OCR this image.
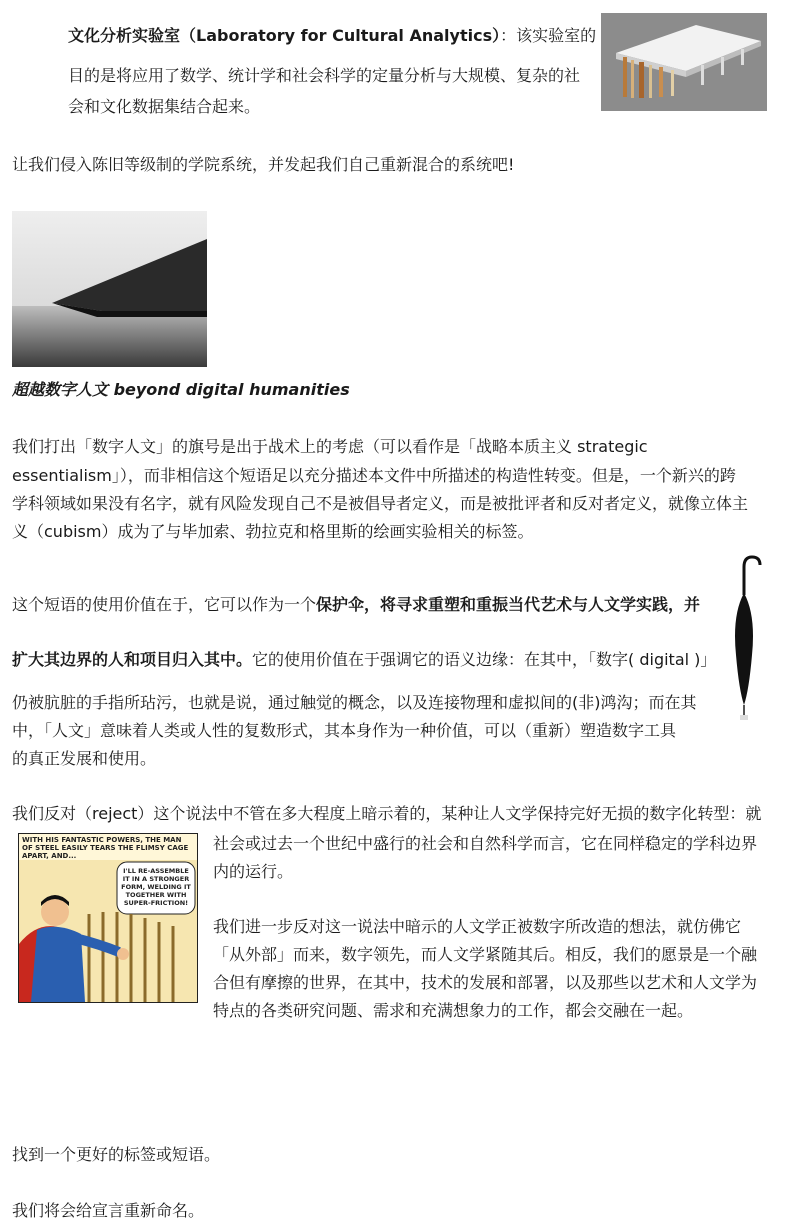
文化分析实验室（Laboratory for Cultural Analytics）：该实验室的
目的是将应用了数学、统计学和社会科学的定量分析与大规模、复杂的社
会和文化数据集结合起来。
让我们侵入陈旧等级制的学院系统，并发起我们自己重新混合的系统吧!
超越数字人文 beyond digital humanities
我们打出「数字人文」的旗号是出于战术上的考虑（可以看作是「战略本质主义 strategic
essentialism」），而非相信这个短语足以充分描述本文件中所描述的构造性转变。但是，一个新兴的跨
学科领域如果没有名字，就有风险发现自己不是被倡导者定义，而是被批评者和反对者定义，就像立体主
义（cubism）成为了与毕加索、勃拉克和格里斯的绘画实验相关的标签。
这个短语的使用价值在于，它可以作为一个保护伞，将寻求重塑和重振当代艺术与人文学实践，并
扩大其边界的人和项目归入其中。它的使用价值在于强调它的语义边缘：在其中，「数字( digital )」
仍被肮脏的手指所玷污，也就是说，通过触觉的概念，以及连接物理和虚拟间的(非)鸿沟；而在其
中，「人文」意味着人类或人性的复数形式，其本身作为一种价值，可以（重新）塑造数字工具
的真正发展和使用。
我们反对（reject）这个说法中不管在多大程度上暗示着的，某种让人文学保持完好无损的数字化转型：就
社会或过去一个世纪中盛行的社会和自然科学而言，它在同样稳定的学科边界
内的运行。
WITH HIS FANTASTIC POWERS, THE MAN OF STEEL EASILY TEARS THE FLIMSY CAGE APART, AND...
I'LL RE-ASSEMBLE IT IN A STRONGER FORM, WELDING IT TOGETHER WITH SUPER-FRICTION!
我们进一步反对这一说法中暗示的人文学正被数字所改造的想法，就仿佛它
「从外部」而来，数字领先，而人文学紧随其后。相反，我们的愿景是一个融
合但有摩擦的世界，在其中，技术的发展和部署，以及那些以艺术和人文学为
特点的各类研究问题、需求和充满想象力的工作，都会交融在一起。
找到一个更好的标签或短语。
我们将会给宣言重新命名。
